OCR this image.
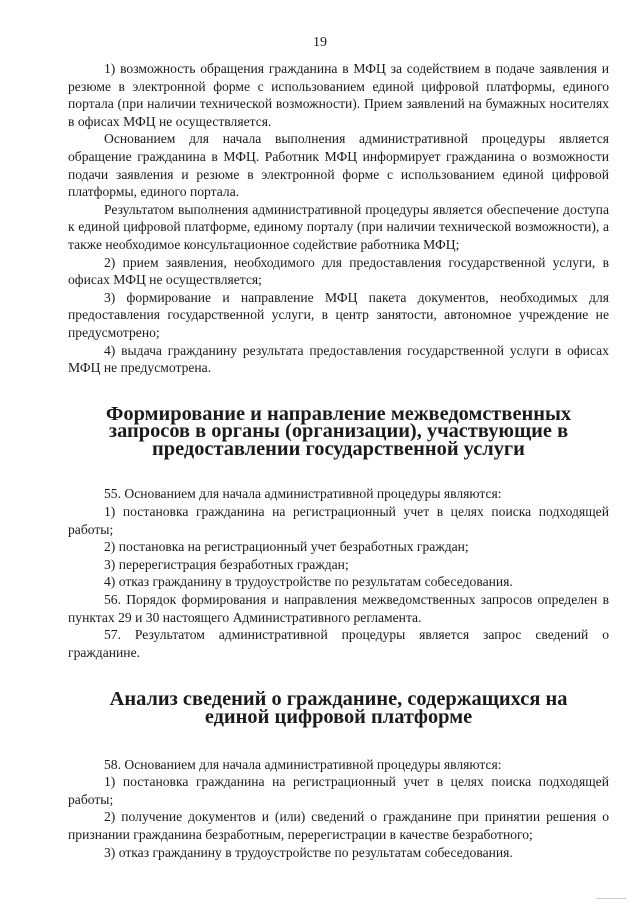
19

1) возможность обращения гражданина в МФЦ за содействием в подаче заявления и резюме в электронной форме с использованием единой цифровой платформы, единого портала (при наличии технической возможности). Прием заявлений на бумажных носителях в офисах МФЦ не осуществляется.

Основанием для начала выполнения административной процедуры является обращение гражданина в МФЦ. Работник МФЦ информирует гражданина о возможности подачи заявления и резюме в электронной форме с использованием единой цифровой платформы, единого портала.

Результатом выполнения административной процедуры является обеспечение доступа к единой цифровой платформе, единому порталу (при наличии технической возможности), а также необходимое консультационное содействие работника МФЦ;

2) прием заявления, необходимого для предоставления государственной услуги, в офисах МФЦ не осуществляется;

3) формирование и направление МФЦ пакета документов, необходимых для предоставления государственной услуги, в центр занятости, автономное учреждение не предусмотрено;

4) выдача гражданину результата предоставления государственной услуги в офисах МФЦ не предусмотрена.

Формирование и направление межведомственных запросов в органы (организации), участвующие в предоставлении государственной услуги

55. Основанием для начала административной процедуры являются:

1) постановка гражданина на регистрационный учет в целях поиска подходящей работы;

2) постановка на регистрационный учет безработных граждан;

3) перерегистрация безработных граждан;

4) отказ гражданину в трудоустройстве по результатам собеседования.

56. Порядок формирования и направления межведомственных запросов определен в пунктах 29 и 30 настоящего Административного регламента.

57. Результатом административной процедуры является запрос сведений о гражданине.

Анализ сведений о гражданине, содержащихся на единой цифровой платформе

58. Основанием для начала административной процедуры являются:

1) постановка гражданина на регистрационный учет в целях поиска подходящей работы;

2) получение документов и (или) сведений о гражданине при принятии решения о признании гражданина безработным, перерегистрации в качестве безработного;

3) отказ гражданину в трудоустройстве по результатам собеседования.
